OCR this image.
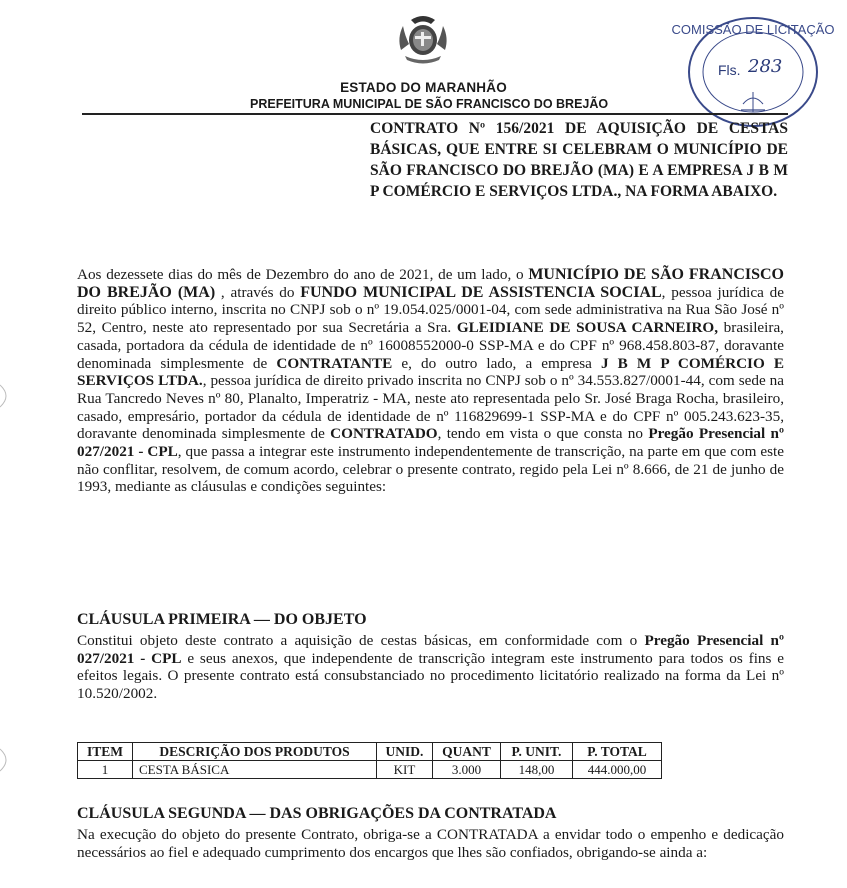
COMISSÃO DE LICITAÇÃO
Fls. 283
ESTADO DO MARANHÃO
PREFEITURA MUNICIPAL DE SÃO FRANCISCO DO BREJÃO

CONTRATO Nº 156/2021 DE AQUISIÇÃO DE CESTAS BÁSICAS, QUE ENTRE SI CELEBRAM O MUNICÍPIO DE SÃO FRANCISCO DO BREJÃO (MA) E A EMPRESA J B M P COMÉRCIO E SERVIÇOS LTDA., NA FORMA ABAIXO.

Aos dezessete dias do mês de Dezembro do ano de 2021, de um lado, o MUNICÍPIO DE SÃO FRANCISCO DO BREJÃO (MA) , através do FUNDO MUNICIPAL DE ASSISTENCIA SOCIAL, pessoa jurídica de direito público interno, inscrita no CNPJ sob o nº 19.054.025/0001-04, com sede administrativa na Rua São José nº 52, Centro, neste ato representado por sua Secretária a Sra. GLEIDIANE DE SOUSA CARNEIRO, brasileira, casada, portadora da cédula de identidade de nº 16008552000-0 SSP-MA e do CPF nº 968.458.803-87, doravante denominada simplesmente de CONTRATANTE e, do outro lado, a empresa J B M P COMÉRCIO E SERVIÇOS LTDA., pessoa jurídica de direito privado inscrita no CNPJ sob o nº 34.553.827/0001-44, com sede na Rua Tancredo Neves nº 80, Planalto, Imperatriz - MA, neste ato representada pelo Sr. José Braga Rocha, brasileiro, casado, empresário, portador da cédula de identidade de nº 116829699-1 SSP-MA e do CPF nº 005.243.623-35, doravante denominada simplesmente de CONTRATADO, tendo em vista o que consta no Pregão Presencial nº 027/2021 - CPL, que passa a integrar este instrumento independentemente de transcrição, na parte em que com este não conflitar, resolvem, de comum acordo, celebrar o presente contrato, regido pela Lei nº 8.666, de 21 de junho de 1993, mediante as cláusulas e condições seguintes:

CLÁUSULA PRIMEIRA — DO OBJETO

Constitui objeto deste contrato a aquisição de cestas básicas, em conformidade com o Pregão Presencial nº 027/2021 - CPL e seus anexos, que independente de transcrição integram este instrumento para todos os fins e efeitos legais. O presente contrato está consubstanciado no procedimento licitatório realizado na forma da Lei nº 10.520/2002.

ITEM	DESCRIÇÃO DOS PRODUTOS	UNID.	QUANT	P. UNIT.	P. TOTAL
1	CESTA BÁSICA	KIT	3.000	148,00	444.000,00
CLÁUSULA SEGUNDA — DAS OBRIGAÇÕES DA CONTRATADA

Na execução do objeto do presente Contrato, obriga-se a CONTRATADA a envidar todo o empenho e dedicação necessários ao fiel e adequado cumprimento dos encargos que lhes são confiados, obrigando-se ainda a:
